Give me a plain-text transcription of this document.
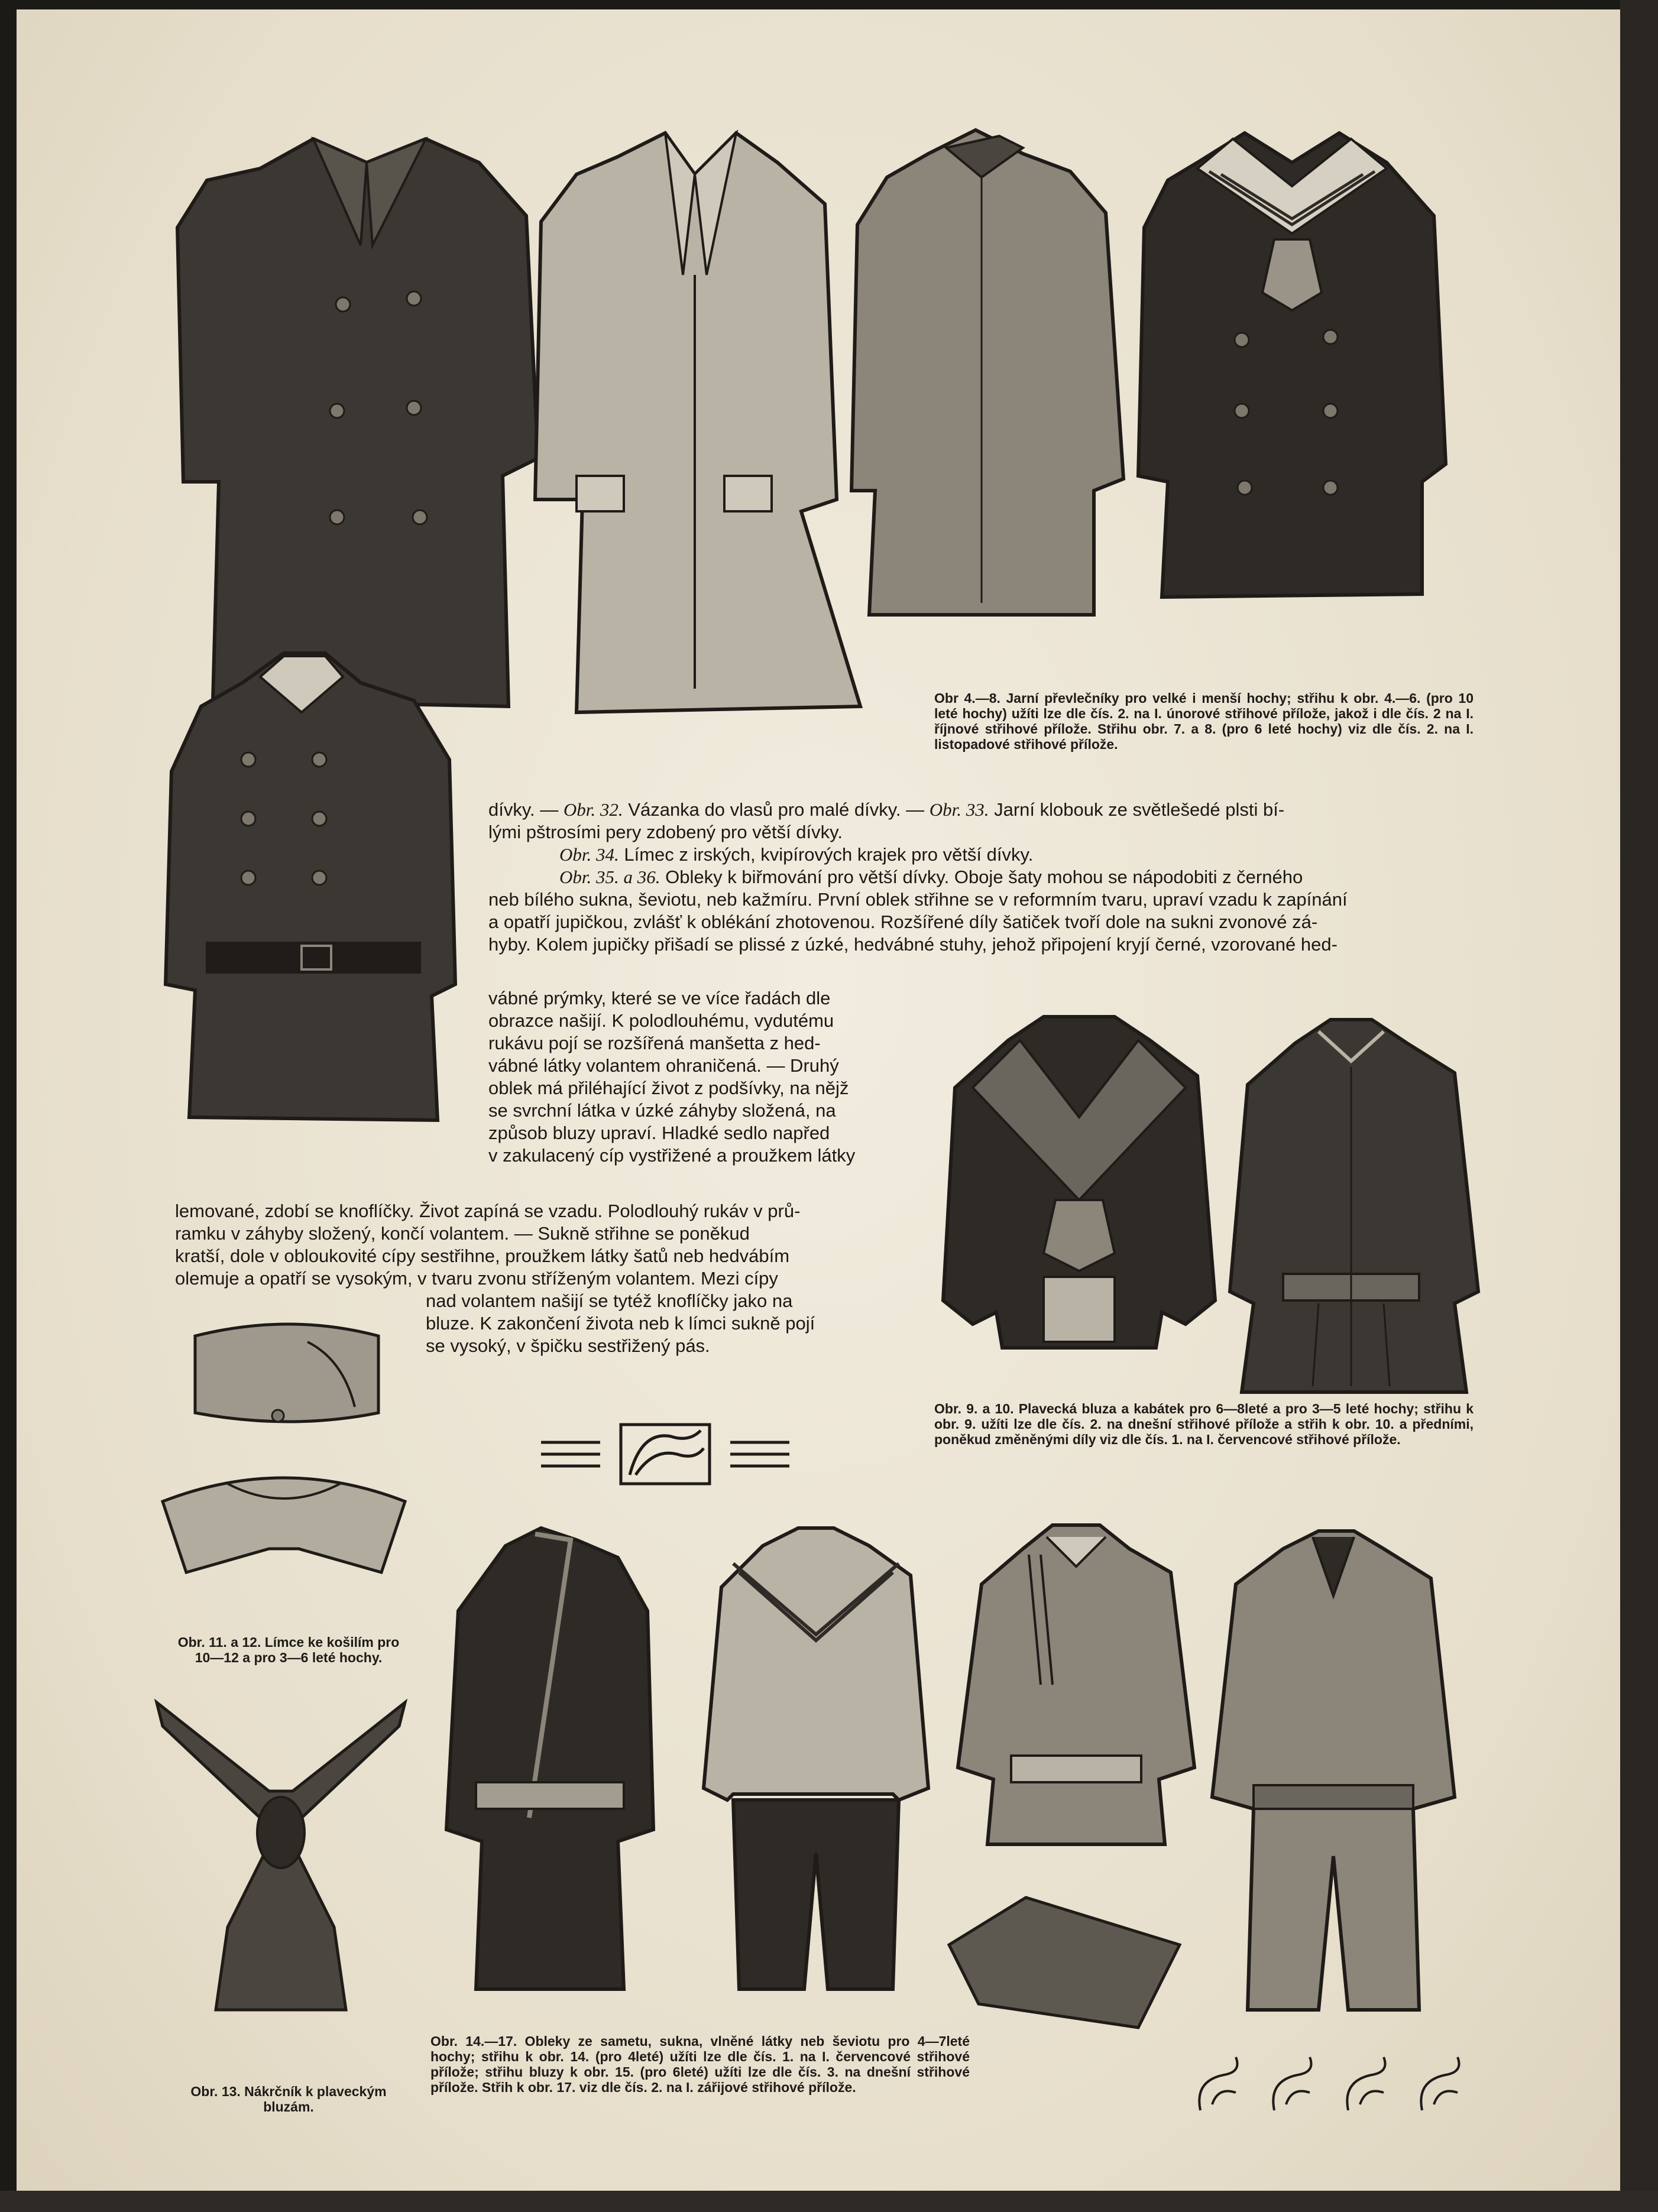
Obr 4.—8. Jarní převlečníky pro velké i menší hochy; střihu k obr. 4.—6. (pro 10 leté hochy) užíti lze dle čís. 2. na I. únorové střihové přílože, jakož i dle čís. 2 na I. říjnové střihové přílože. Střihu obr. 7. a 8. (pro 6 leté hochy) viz dle čís. 2. na I. listopadové střihové přílože.
dívky. — Obr. 32. Vázanka do vlasů pro malé dívky. — Obr. 33. Jarní klobouk ze světlešedé plsti bí-
lými pštrosími pery zdobený pro větší dívky.
Obr. 34. Límec z irských, kvipírových krajek pro větší dívky.
Obr. 35. a 36. Obleky k biřmování pro větší dívky. Oboje šaty mohou se nápodobiti z černého
neb bílého sukna, ševiotu, neb kažmíru. První oblek střihne se v reformním tvaru, upraví vzadu k zapínání
a opatří jupičkou, zvlášť k oblékání zhotovenou. Rozšířené díly šatiček tvoří dole na sukni zvonové zá-
hyby. Kolem jupičky přišadí se plissé z úzké, hedvábné stuhy, jehož připojení kryjí černé, vzorované hed-
vábné prýmky, které se ve více řadách dle
obrazce našijí. K polodlouhému, vydutému
rukávu pojí se rozšířená manšetta z hed-
vábné látky volantem ohraničená. — Druhý
oblek má přiléhající život z podšívky, na nějž
se svrchní látka v úzké záhyby složená, na
způsob bluzy upraví. Hladké sedlo napřed
v zakulacený cíp vystřižené a proužkem látky
lemované, zdobí se knoflíčky. Život zapíná se vzadu. Polodlouhý rukáv v prů-
ramku v záhyby složený, končí volantem. — Sukně střihne se poněkud
kratší, dole v obloukovité cípy sestřihne, proužkem látky šatů neb hedvábím
olemuje a opatří se vysokým, v tvaru zvonu stříženým volantem. Mezi cípy
nad volantem našijí se tytéž knoflíčky jako na
bluze. K zakončení života neb k límci sukně pojí
se vysoký, v špičku sestřižený pás.
Obr. 9. a 10. Plavecká bluza a kabátek pro 6—8leté a pro 3—5 leté hochy; střihu k obr. 9. užíti lze dle čís. 2. na dnešní střihové přílože a střih k obr. 10. a předními, poněkud změněnými díly viz dle čís. 1. na I. červencové střihové přílože.
Obr. 11. a 12. Límce ke košilím pro 10—12 a pro 3—6 leté hochy.
Obr. 13. Nákrčník k plaveckým bluzám.
Obr. 14.—17. Obleky ze sametu, sukna, vlněné látky neb ševiotu pro 4—7leté hochy; střihu k obr. 14. (pro 4leté) užíti lze dle čís. 1. na I. červencové střihové přílože; střihu bluzy k obr. 15. (pro 6leté) užíti lze dle čís. 3. na dnešní střihové přílože. Střih k obr. 17. viz dle čís. 2. na I. zářijové střihové přílože.
